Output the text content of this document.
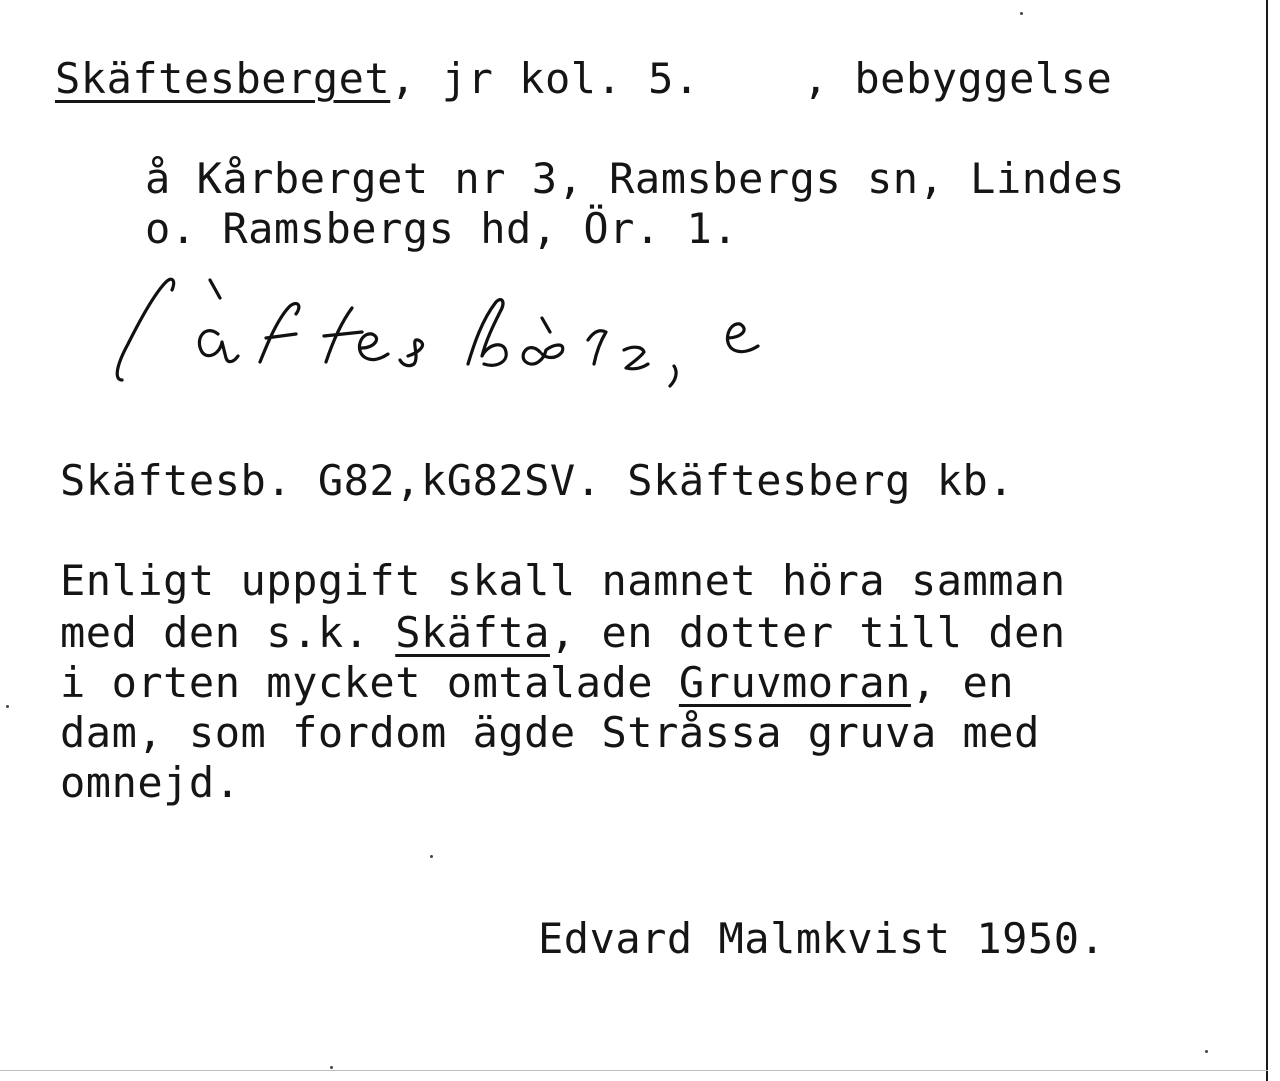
Skäftesberget, jr kol. 5.    , bebyggelse
å Kårberget nr 3, Ramsbergs sn, Lindes
o. Ramsbergs hd, Ör. 1.
Skäftesb. G82,kG82SV. Skäftesberg kb.
Enligt uppgift skall namnet höra samman
med den s.k. Skäfta, en dotter till den
i orten mycket omtalade Gruvmoran, en
dam, som fordom ägde Stråssa gruva med
omnejd.
Edvard Malmkvist 1950.
